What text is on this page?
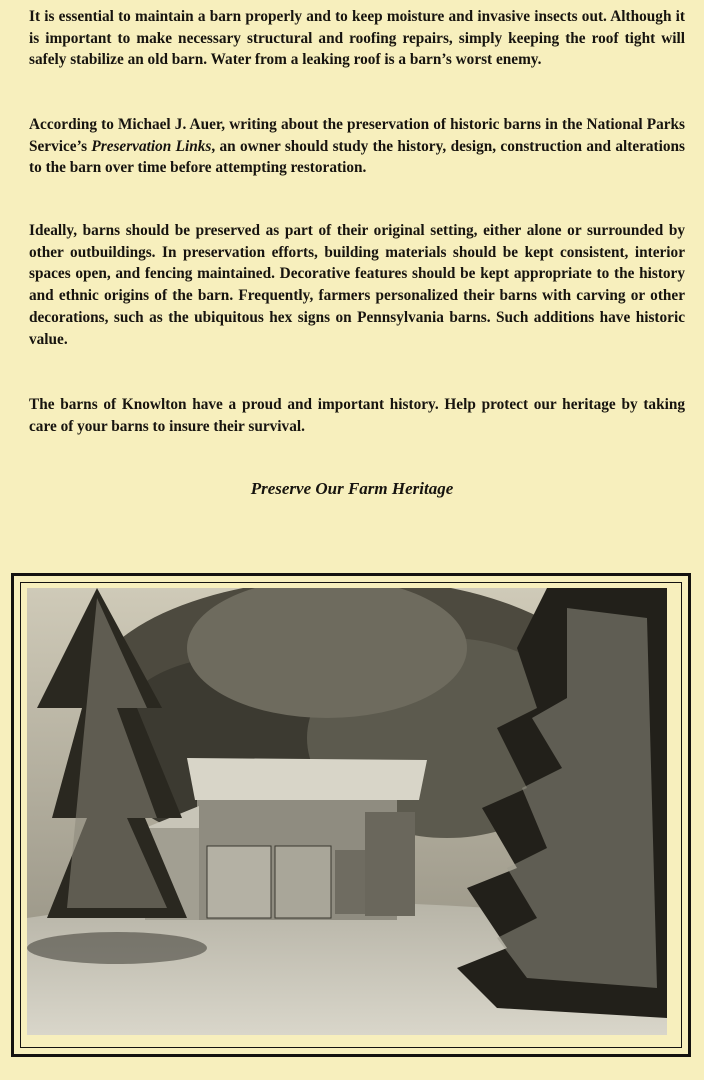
It is essential to maintain a barn properly and to keep moisture and invasive insects out. Although it is important to make necessary structural and roofing repairs, simply keeping the roof tight will safely stabilize an old barn. Water from a leaking roof is a barn’s worst enemy.

According to Michael J. Auer, writing about the preservation of historic barns in the National Parks Service’s Preservation Links, an owner should study the history, design, construction and alterations to the barn over time before attempting restoration.

Ideally, barns should be preserved as part of their original setting, either alone or surrounded by other outbuildings. In preservation efforts, building materials should be kept consistent, interior spaces open, and fencing maintained. Decorative features should be kept appropriate to the history and ethnic origins of the barn. Frequently, farmers personalized their barns with carving or other decorations, such as the ubiquitous hex signs on Pennsylvania barns. Such additions have historic value.

The barns of Knowlton have a proud and important history. Help protect our heritage by taking care of your barns to insure their survival.

Preserve Our Farm Heritage
